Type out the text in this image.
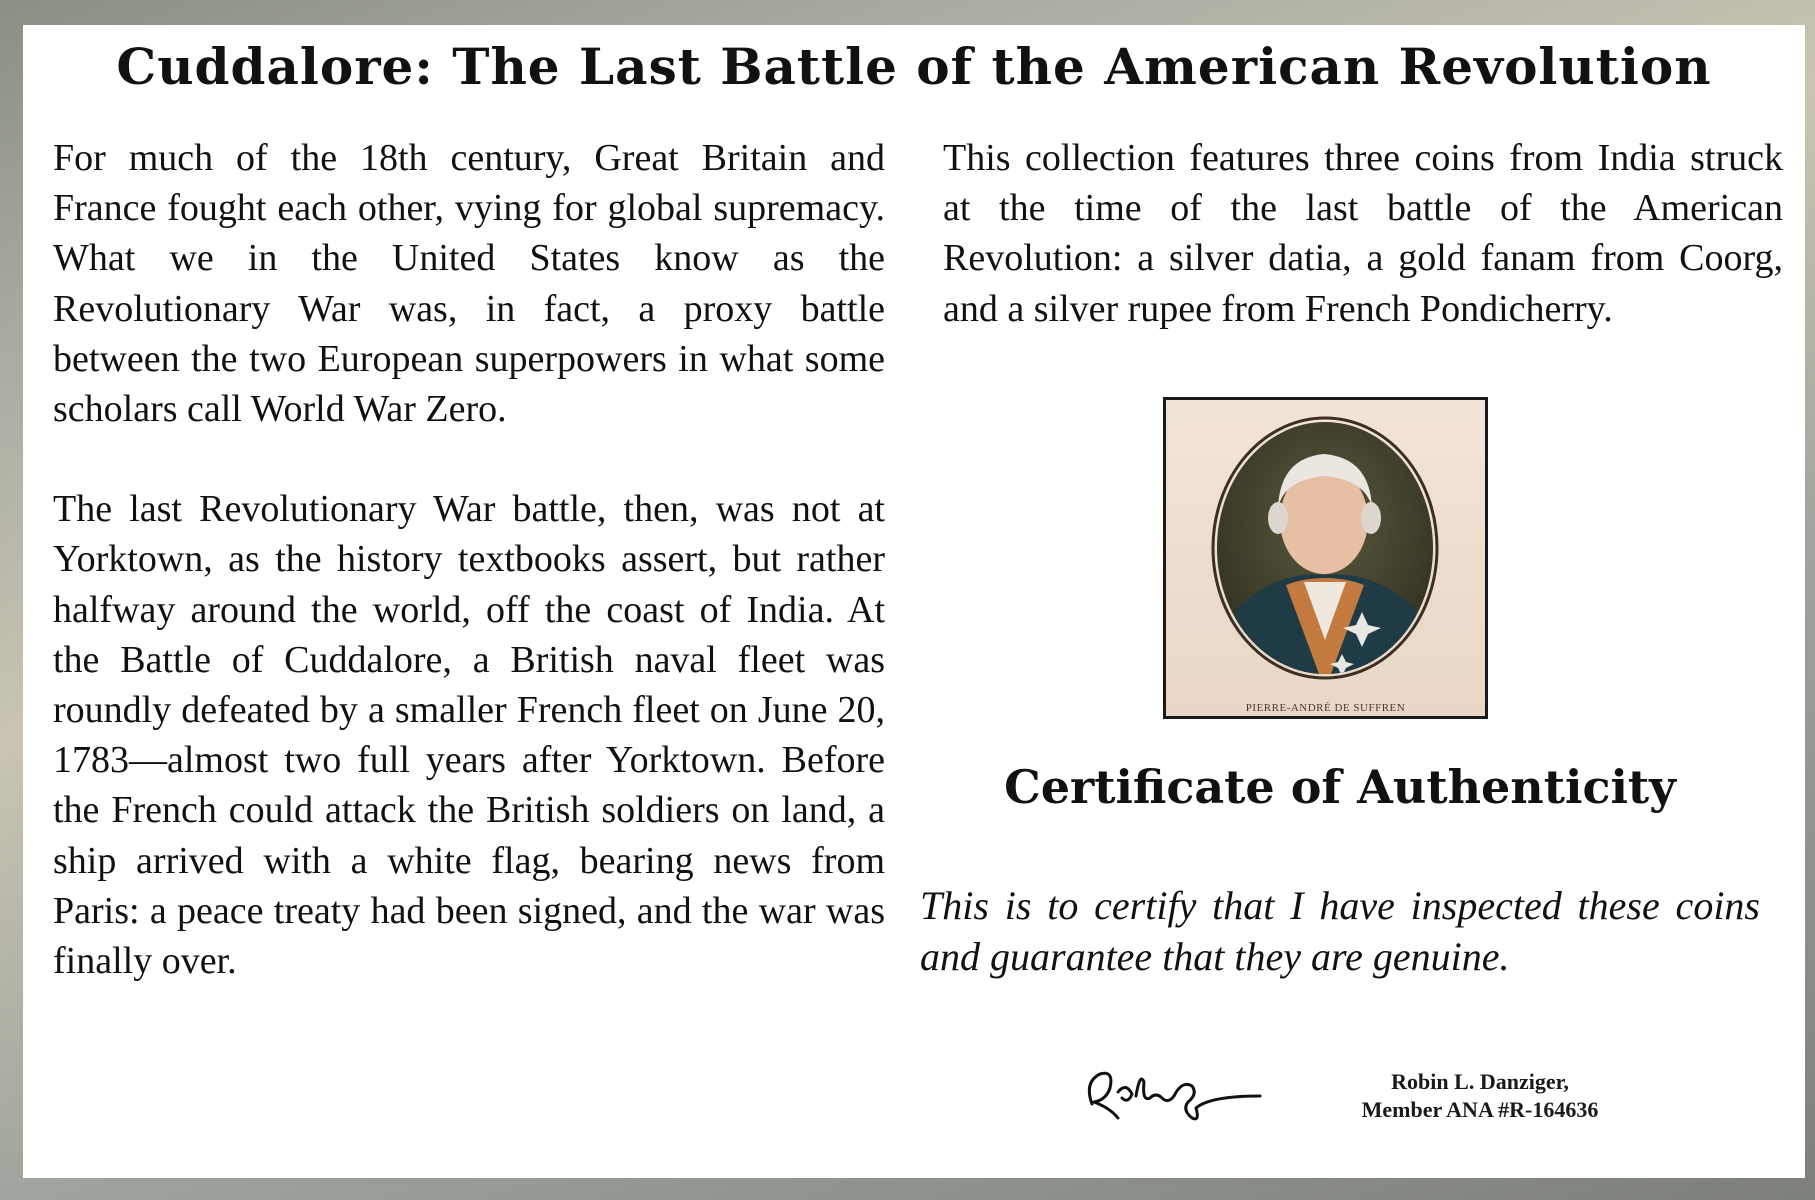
Cuddalore: The Last Battle of the American Revolution

For much of the 18th century, Great Britain and France fought each other, vying for global supremacy. What we in the United States know as the Revolutionary War was, in fact, a proxy battle between the two European superpowers in what some scholars call World War Zero.

The last Revolutionary War battle, then, was not at Yorktown, as the history textbooks assert, but rather halfway around the world, off the coast of India. At the Battle of Cuddalore, a British naval fleet was roundly defeated by a smaller French fleet on June 20, 1783—almost two full years after Yorktown. Before the French could attack the British soldiers on land, a ship arrived with a white flag, bearing news from Paris: a peace treaty had been signed, and the war was finally over.

This collection features three coins from India struck at the time of the last battle of the American Revolution: a silver datia, a gold fanam from Coorg, and a silver rupee from French Pondicherry.

PIERRE-ANDRÉ DE SUFFREN
Certificate of Authenticity
This is to certify that I have inspected these coins and guarantee that they are genuine.
Robin L. Danziger,
Member ANA #R-164636
